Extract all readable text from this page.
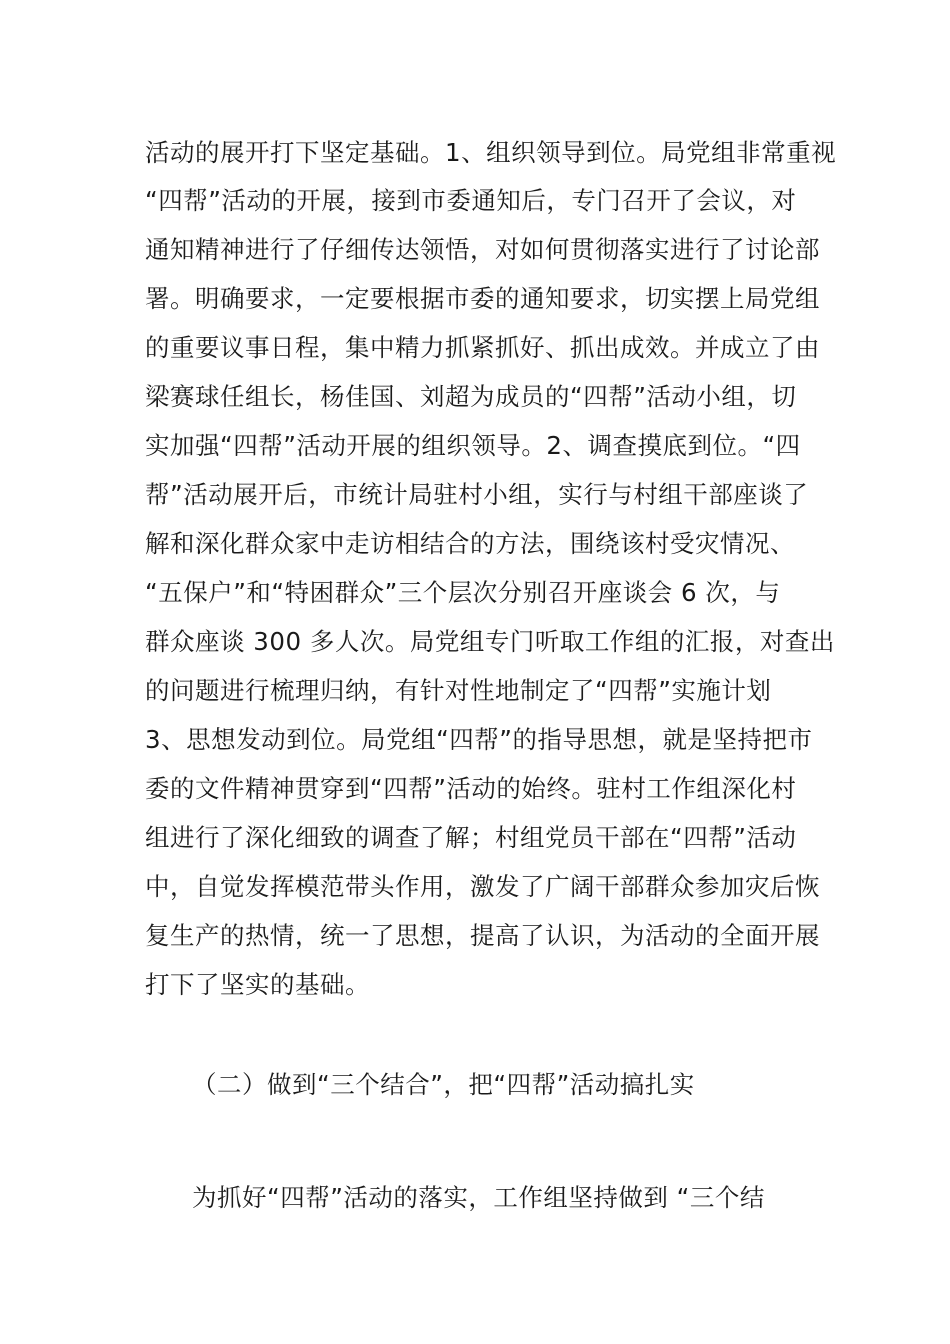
活动的展开打下坚定基础。1、组织领导到位。局党组非常重视
“四帮”活动的开展，接到市委通知后，专门召开了会议，对
通知精神进行了仔细传达领悟，对如何贯彻落实进行了讨论部
署。明确要求，一定要根据市委的通知要求，切实摆上局党组
的重要议事日程，集中精力抓紧抓好、抓出成效。并成立了由
梁赛球任组长，杨佳国、刘超为成员的“四帮”活动小组，切
实加强“四帮”活动开展的组织领导。2、调查摸底到位。“四
帮”活动展开后，市统计局驻村小组，实行与村组干部座谈了
解和深化群众家中走访相结合的方法，围绕该村受灾情况、
“五保户”和“特困群众”三个层次分别召开座谈会 6 次，与
群众座谈 300 多人次。局党组专门听取工作组的汇报，对查出
的问题进行梳理归纳，有针对性地制定了“四帮”实施计划
3、思想发动到位。局党组“四帮”的指导思想，就是坚持把市
委的文件精神贯穿到“四帮”活动的始终。驻村工作组深化村
组进行了深化细致的调查了解；村组党员干部在“四帮”活动
中，自觉发挥模范带头作用，激发了广阔干部群众参加灾后恢
复生产的热情，统一了思想，提高了认识，为活动的全面开展
打下了坚实的基础。
（二）做到“三个结合”，把“四帮”活动搞扎实
为抓好“四帮”活动的落实，工作组坚持做到 “三个结
